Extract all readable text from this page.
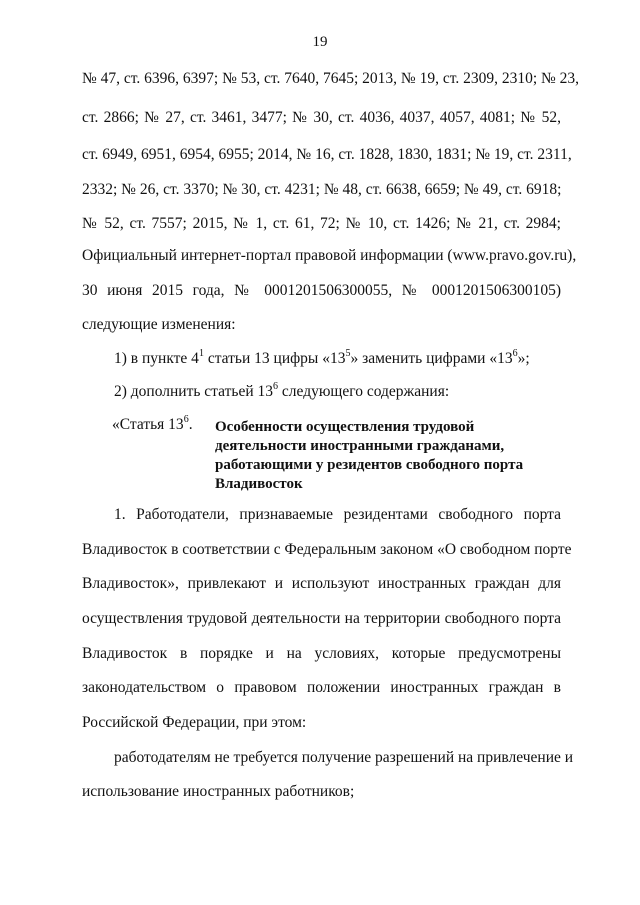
19
№ 47, ст. 6396, 6397; № 53, ст. 7640, 7645; 2013, № 19, ст. 2309, 2310; № 23,
ст. 2866; № 27, ст. 3461, 3477; № 30, ст. 4036, 4037, 4057, 4081; № 52,
ст. 6949, 6951, 6954, 6955; 2014, № 16, ст. 1828, 1830, 1831; № 19, ст. 2311,
2332; № 26, ст. 3370; № 30, ст. 4231; № 48, ст. 6638, 6659; № 49, ст. 6918;
№ 52, ст. 7557; 2015, № 1, ст. 61, 72; № 10, ст. 1426; № 21, ст. 2984;
Официальный интернет-портал правовой информации (www.pravo.gov.ru),
30 июня 2015 года, № 0001201506300055, № 0001201506300105)
следующие изменения:
1) в пункте $4^1$ статьи 13 цифры «$13^5$» заменить цифрами «$13^6$»;
2) дополнить статьей $13^6$ следующего содержания:
«Статья $13^6$. Особенности осуществления трудовой
деятельности иностранными гражданами,
работающими у резидентов свободного порта
Владивосток
1. Работодатели, признаваемые резидентами свободного порта
Владивосток в соответствии с Федеральным законом «О свободном порте
Владивосток», привлекают и используют иностранных граждан для
осуществления трудовой деятельности на территории свободного порта
Владивосток в порядке и на условиях, которые предусмотрены
законодательством о правовом положении иностранных граждан в
Российской Федерации, при этом:
работодателям не требуется получение разрешений на привлечение и
использование иностранных работников;
